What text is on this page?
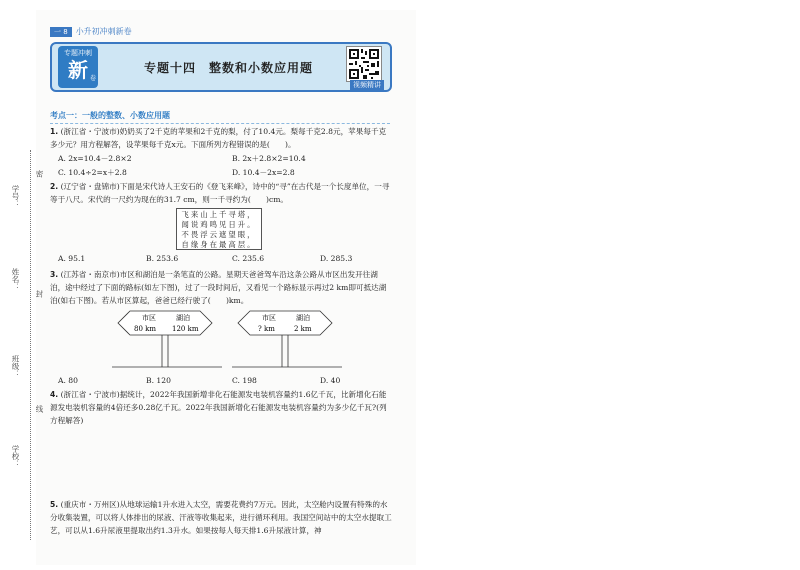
学号：
姓名：
班级：
学校：
密
封
线
一 8	小升初冲刺新卷
专题冲刺
新 卷
专题十四　整数和小数应用题
视频精讲
考点一：一般的整数、小数应用题
1. (浙江省・宁波市)奶奶买了2千克的苹果和2千克的梨，付了10.4元。梨每千克2.8元，苹果每千克多少元？用方程解答，设苹果每千克x元。下面所列方程错误的是(　　)。
A. 2x=10.4－2.8×2	B. 2x＋2.8×2=10.4
C. 10.4÷2=x＋2.8	D. 10.4－2x=2.8
2. (辽宁省・盘锦市)下面是宋代诗人王安石的《登飞来峰》，诗中的“寻”在古代是一个长度单位，一寻等于八尺。宋代的一尺约为现在的31.7 cm，则一千寻约为(　　)cm。
飞来山上千寻塔，
闻说鸡鸣见日升。
不畏浮云遮望眼，
自缘身在最高层。
A. 95.1	B. 253.6	C. 235.6	D. 285.3
3. (江苏省・南京市)市区和湖泊是一条笔直的公路。星期天爸爸驾车沿这条公路从市区出发开往湖泊，途中经过了下面的路标(如左下图)，过了一段时间后，又看见一个路标显示再过2 km即可抵达湖泊(如右下图)。若从市区算起，爸爸已经行驶了(　　)km。
市区	湖泊
80 km 120 km
市区	湖泊
? km	2 km
A. 80	B. 120	C. 198	D. 40
4. (浙江省・宁波市)据统计，2022年我国新增非化石能源发电装机容量约1.6亿千瓦，比新增化石能源发电装机容量的4倍还多0.28亿千瓦。2022年我国新增化石能源发电装机容量约为多少亿千瓦?(列方程解答)
5. (重庆市・万州区)从地球运输1升水进入太空，需要花费约7万元。因此，太空舱内设置有特殊的水分收集装置，可以将人体排出的尿液、汗液等收集起来，进行循环利用。我国空间站中的太空水提取工艺，可以从1.6升尿液里提取出约1.3升水。如果按每人每天排1.6升尿液计算，神
